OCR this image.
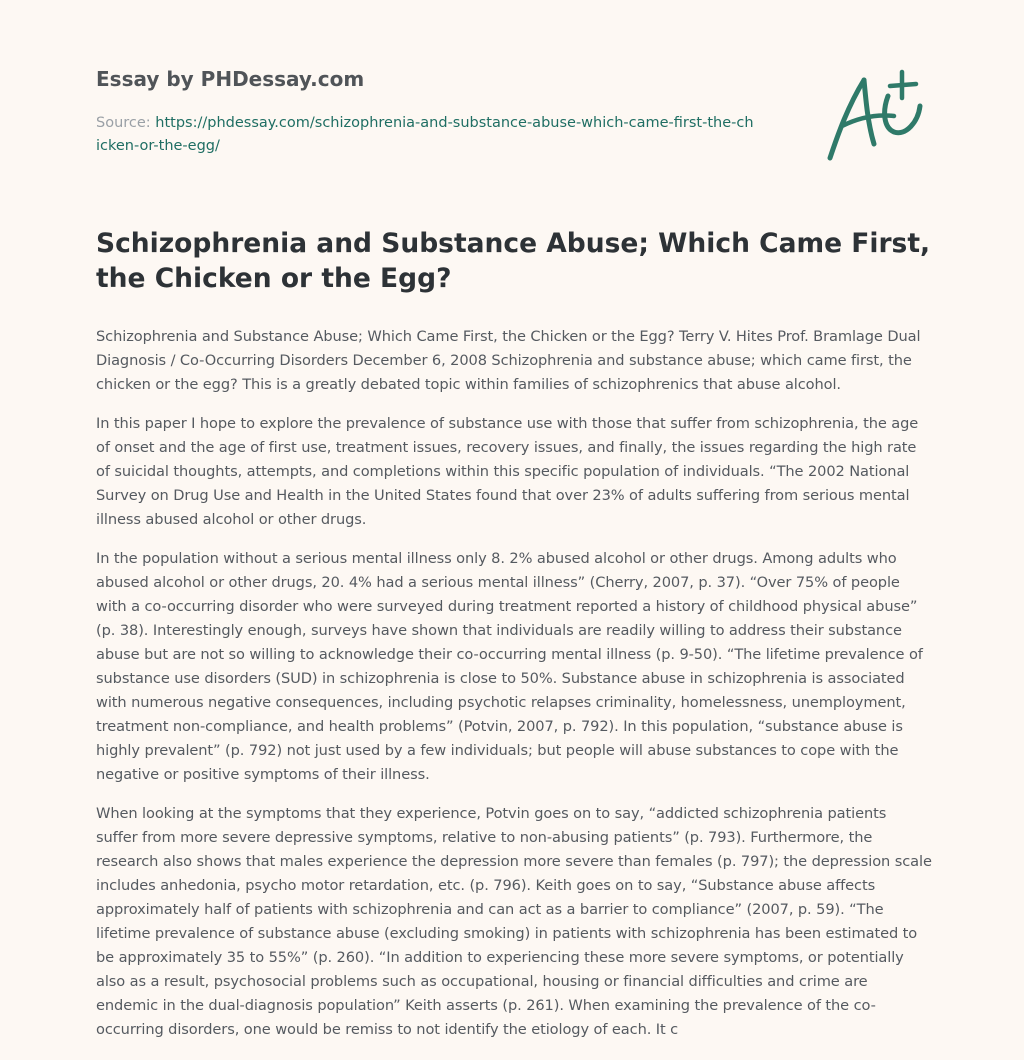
Essay by PHDessay.com
Source: https://phdessay.com/schizophrenia-and-substance-abuse-which-came-first-the-chicken-or-the-egg/
Schizophrenia and Substance Abuse; Which Came First, the Chicken or the Egg?

Schizophrenia and Substance Abuse; Which Came First, the Chicken or the Egg? Terry V. Hites Prof. Bramlage Dual Diagnosis / Co-Occurring Disorders December 6, 2008 Schizophrenia and substance abuse; which came first, the chicken or the egg? This is a greatly debated topic within families of schizophrenics that abuse alcohol.

In this paper I hope to explore the prevalence of substance use with those that suffer from schizophrenia, the age of onset and the age of first use, treatment issues, recovery issues, and finally, the issues regarding the high rate of suicidal thoughts, attempts, and completions within this specific population of individuals. “The 2002 National Survey on Drug Use and Health in the United States found that over 23% of adults suffering from serious mental illness abused alcohol or other drugs.

In the population without a serious mental illness only 8. 2% abused alcohol or other drugs. Among adults who abused alcohol or other drugs, 20. 4% had a serious mental illness” (Cherry, 2007, p. 37). “Over 75% of people with a co-occurring disorder who were surveyed during treatment reported a history of childhood physical abuse” (p. 38). Interestingly enough, surveys have shown that individuals are readily willing to address their substance abuse but are not so willing to acknowledge their co-occurring mental illness (p. 9-50). “The lifetime prevalence of substance use disorders (SUD) in schizophrenia is close to 50%. Substance abuse in schizophrenia is associated with numerous negative consequences, including psychotic relapses criminality, homelessness, unemployment, treatment non-compliance, and health problems” (Potvin, 2007, p. 792). In this population, “substance abuse is highly prevalent” (p. 792) not just used by a few individuals; but people will abuse substances to cope with the negative or positive symptoms of their illness.

When looking at the symptoms that they experience, Potvin goes on to say, “addicted schizophrenia patients suffer from more severe depressive symptoms, relative to non-abusing patients” (p. 793). Furthermore, the research also shows that males experience the depression more severe than females (p. 797); the depression scale includes anhedonia, psycho motor retardation, etc. (p. 796). Keith goes on to say, “Substance abuse affects approximately half of patients with schizophrenia and can act as a barrier to compliance” (2007, p. 59). “The lifetime prevalence of substance abuse (excluding smoking) in patients with schizophrenia has been estimated to be approximately 35 to 55%” (p. 260). “In addition to experiencing these more severe symptoms, or potentially also as a result, psychosocial problems such as occupational, housing or financial difficulties and crime are endemic in the dual-diagnosis population” Keith asserts (p. 261). When examining the prevalence of the co-occurring disorders, one would be remiss to not identify the etiology of each. It c
